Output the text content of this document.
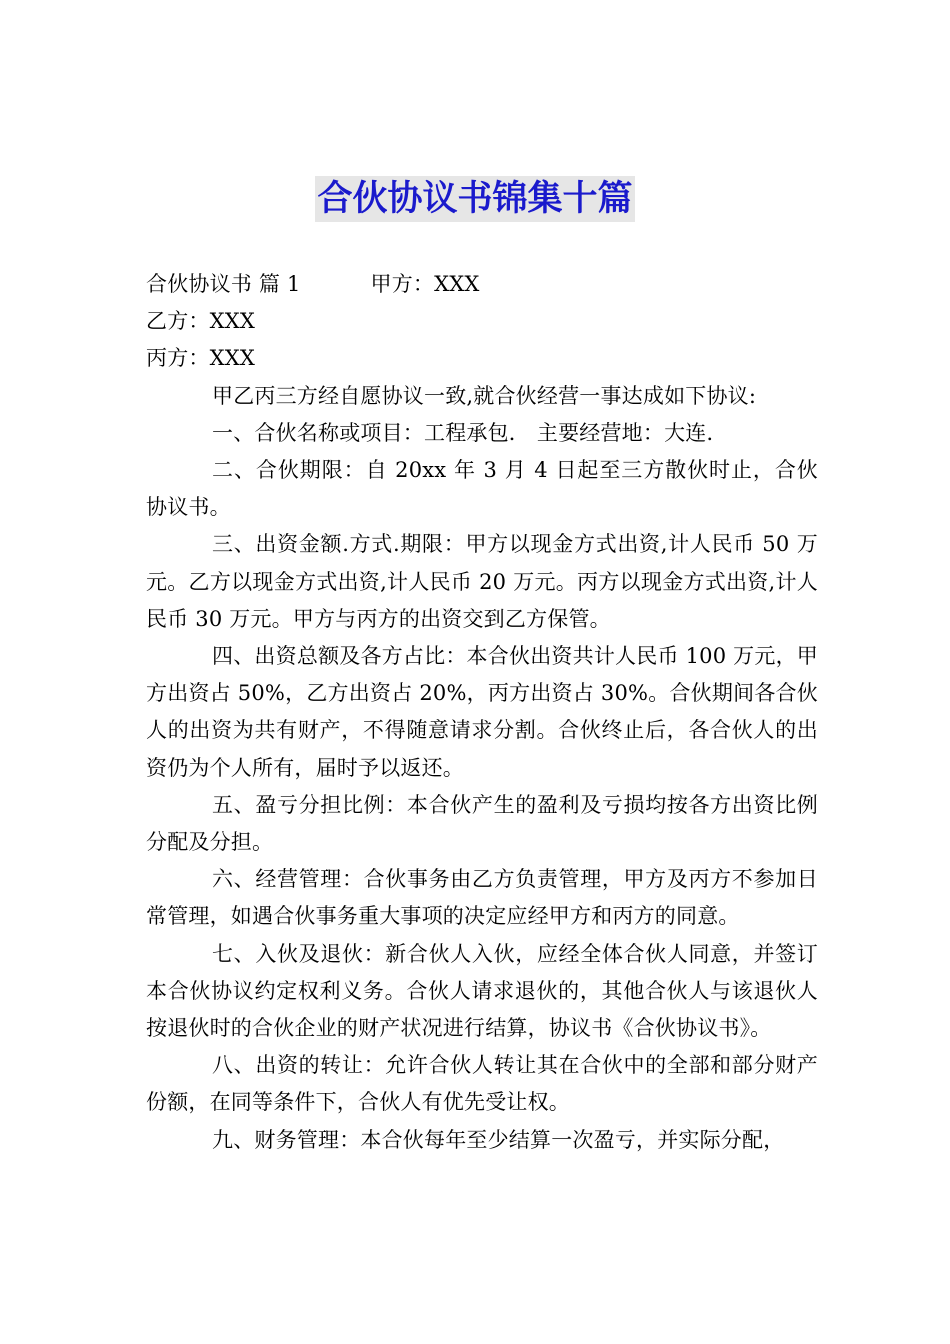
合伙协议书锦集十篇

合伙协议书 篇 1	甲方：XXX

乙方：XXX

丙方：XXX

甲乙丙三方经自愿协议一致,就合伙经营一事达成如下协议:

一、合伙名称或项目：工程承包． 主要经营地：大连．

二、合伙期限：自 20xx 年 3 月 4 日起至三方散伙时止，合伙协议书。

三、出资金额.方式.期限：甲方以现金方式出资,计人民币 50 万元。乙方以现金方式出资,计人民币 20 万元。丙方以现金方式出资,计人民币 30 万元。甲方与丙方的出资交到乙方保管。

四、出资总额及各方占比：本合伙出资共计人民币 100 万元，甲方出资占 50%，乙方出资占 20%，丙方出资占 30%。合伙期间各合伙人的出资为共有财产，不得随意请求分割。合伙终止后，各合伙人的出资仍为个人所有，届时予以返还。

五、盈亏分担比例：本合伙产生的盈利及亏损均按各方出资比例分配及分担。

六、经营管理：合伙事务由乙方负责管理，甲方及丙方不参加日常管理，如遇合伙事务重大事项的决定应经甲方和丙方的同意。

七、入伙及退伙：新合伙人入伙，应经全体合伙人同意，并签订本合伙协议约定权利义务。合伙人请求退伙的，其他合伙人与该退伙人按退伙时的合伙企业的财产状况进行结算，协议书《合伙协议书》。

八、出资的转让：允许合伙人转让其在合伙中的全部和部分财产份额，在同等条件下，合伙人有优先受让权。

九、财务管理：本合伙每年至少结算一次盈亏，并实际分配，
